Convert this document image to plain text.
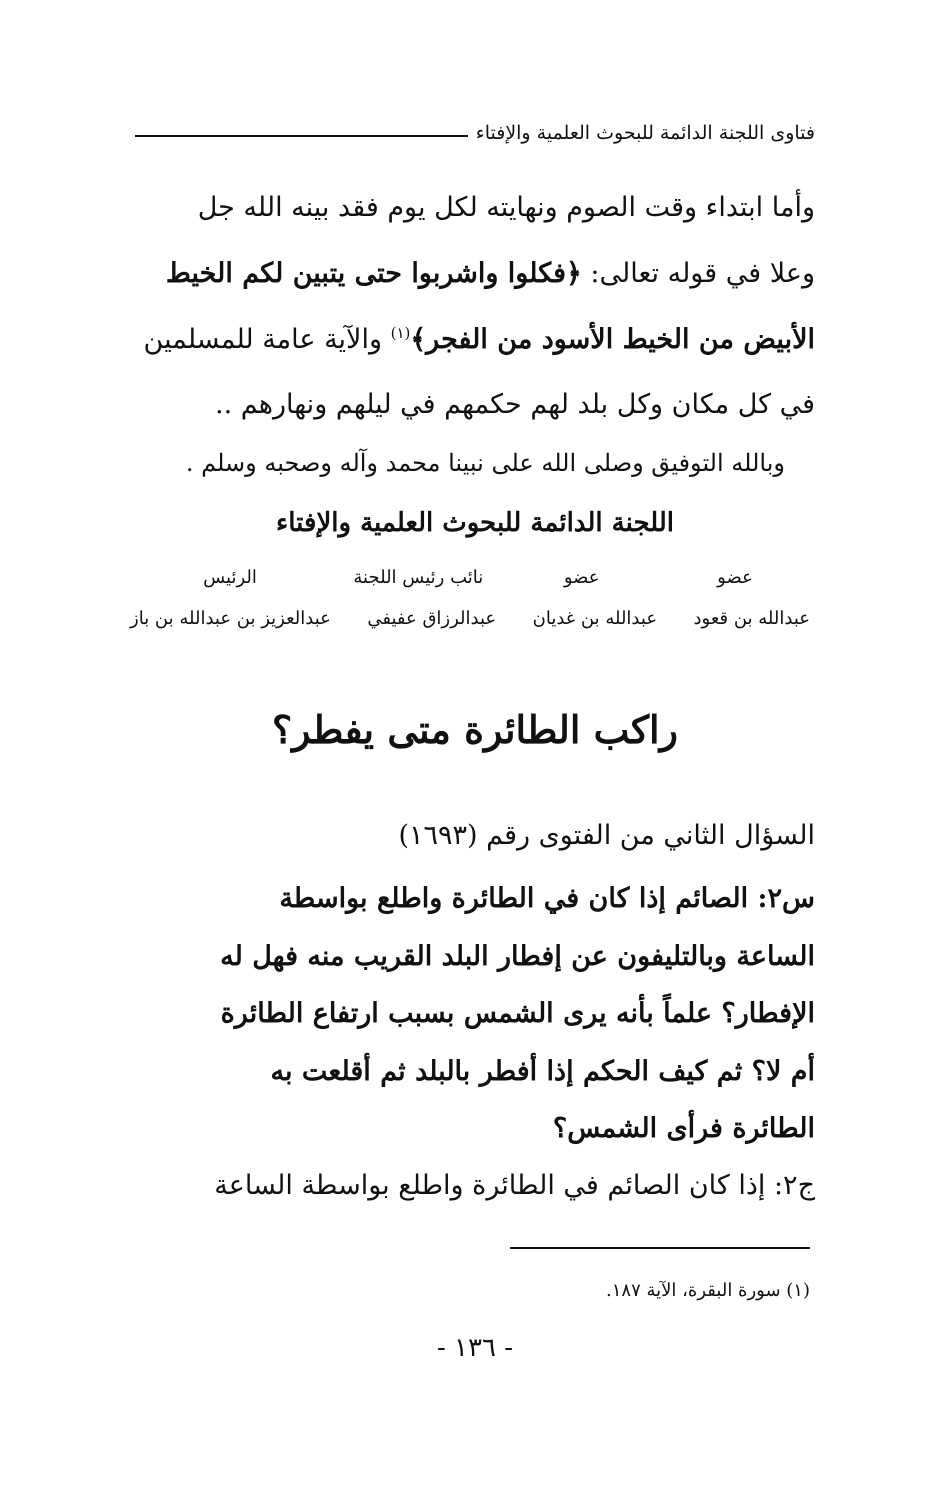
فتاوى اللجنة الدائمة للبحوث العلمية والإفتاء
وأما ابتداء وقت الصوم ونهايته لكل يوم فقد بينه الله جل
وعلا في قوله تعالى: ﴿فكلوا واشربوا حتى يتبين لكم الخيط
الأبيض من الخيط الأسود من الفجر﴾$^{(١)}$ والآية عامة للمسلمين
في كل مكان وكل بلد لهم حكمهم في ليلهم ونهارهم ..
وبالله التوفيق وصلى الله على نبينا محمد وآله وصحبه وسلم .
اللجنة الدائمة للبحوث العلمية والإفتاء
عضو
عضو
نائب رئيس اللجنة
الرئيس
عبدالله بن قعود
عبدالله بن غديان
عبدالرزاق عفيفي
عبدالعزيز بن عبدالله بن باز
راكب الطائرة متى يفطر؟
السؤال الثاني من الفتوى رقم (١٦٩٣)
س٢: الصائم إذا كان في الطائرة واطلع بواسطة
الساعة وبالتليفون عن إفطار البلد القريب منه فهل له
الإفطار؟ علماً بأنه يرى الشمس بسبب ارتفاع الطائرة
أم لا؟ ثم كيف الحكم إذا أفطر بالبلد ثم أقلعت به
الطائرة فرأى الشمس؟
ج٢: إذا كان الصائم في الطائرة واطلع بواسطة الساعة
(١) سورة البقرة، الآية ١٨٧.
- ١٣٦ -
